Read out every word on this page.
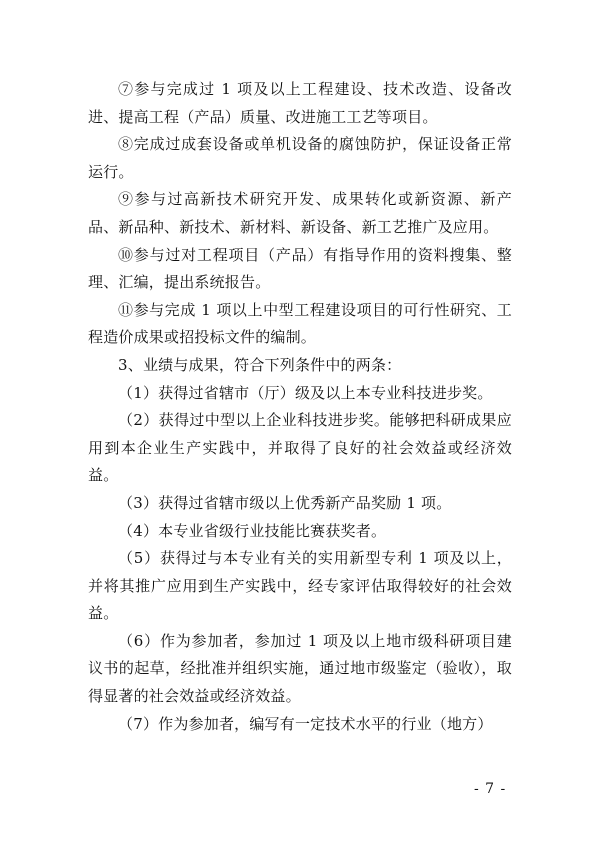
⑦参与完成过 1 项及以上工程建设、技术改造、设备改进、提高工程（产品）质量、改进施工工艺等项目。

⑧完成过成套设备或单机设备的腐蚀防护，保证设备正常运行。

⑨参与过高新技术研究开发、成果转化或新资源、新产品、新品种、新技术、新材料、新设备、新工艺推广及应用。

⑩参与过对工程项目（产品）有指导作用的资料搜集、整理、汇编，提出系统报告。

⑪参与完成 1 项以上中型工程建设项目的可行性研究、工程造价成果或招投标文件的编制。

3、业绩与成果，符合下列条件中的两条：

（1）获得过省辖市（厅）级及以上本专业科技进步奖。

（2）获得过中型以上企业科技进步奖。能够把科研成果应用到本企业生产实践中，并取得了良好的社会效益或经济效益。

（3）获得过省辖市级以上优秀新产品奖励 1 项。

（4）本专业省级行业技能比赛获奖者。

（5）获得过与本专业有关的实用新型专利 1 项及以上，并将其推广应用到生产实践中，经专家评估取得较好的社会效益。

（6）作为参加者，参加过 1 项及以上地市级科研项目建议书的起草，经批准并组织实施，通过地市级鉴定（验收），取得显著的社会效益或经济效益。

（7）作为参加者，编写有一定技术水平的行业（地方）

- 7 -
